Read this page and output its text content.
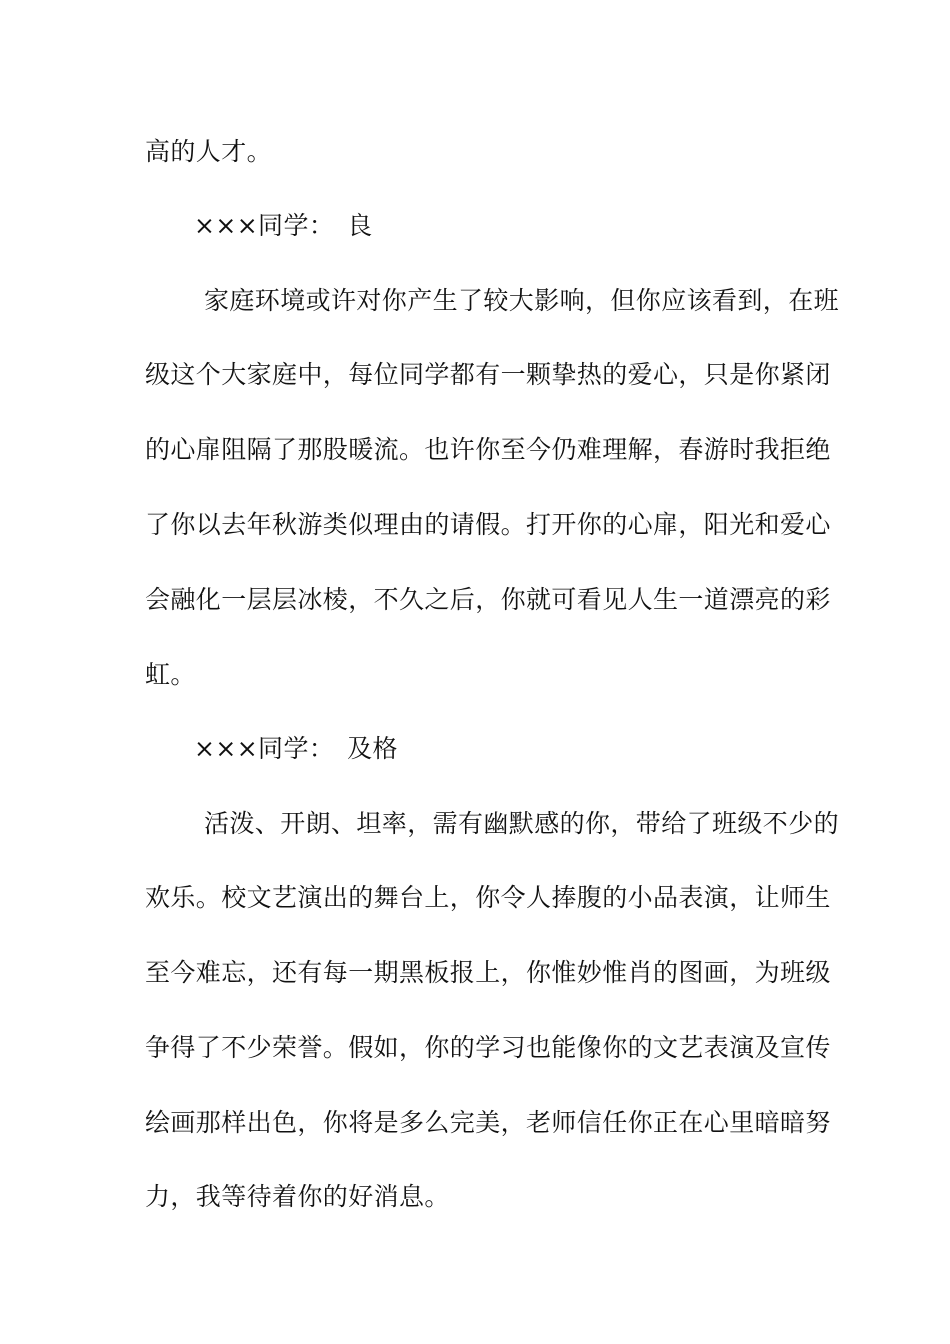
高的人才。
×××同学：　良
家庭环境或许对你产生了较大影响，但你应该看到，在班
级这个大家庭中，每位同学都有一颗挚热的爱心，只是你紧闭
的心扉阻隔了那股暖流。也许你至今仍难理解，春游时我拒绝
了你以去年秋游类似理由的请假。打开你的心扉，阳光和爱心
会融化一层层冰棱，不久之后，你就可看见人生一道漂亮的彩
虹。
×××同学：　及格
活泼、开朗、坦率，需有幽默感的你，带给了班级不少的
欢乐。校文艺演出的舞台上，你令人捧腹的小品表演，让师生
至今难忘，还有每一期黑板报上，你惟妙惟肖的图画，为班级
争得了不少荣誉。假如，你的学习也能像你的文艺表演及宣传
绘画那样出色，你将是多么完美，老师信任你正在心里暗暗努
力，我等待着你的好消息。
